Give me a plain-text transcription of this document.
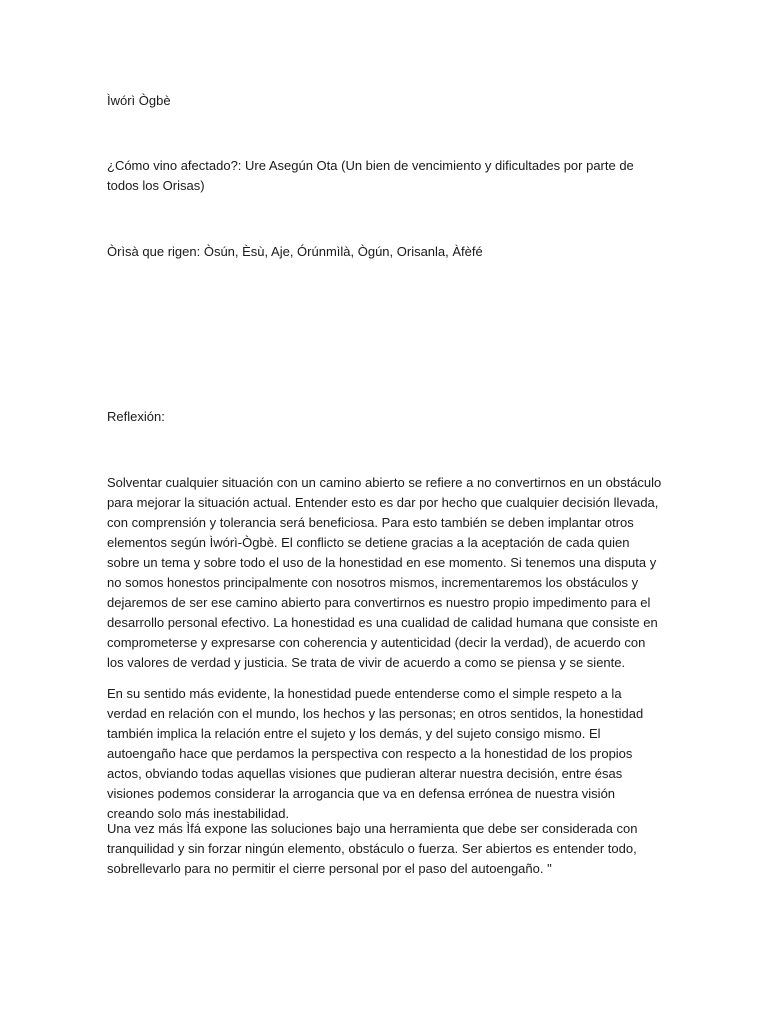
Ìwórì Ògbè

¿Cómo vino afectado?: Ure Asegún Ota (Un bien de vencimiento y dificultades por parte de todos los Orisas)

Òrìsà que rigen: Òsún, Èsù, Aje, Órúnmìlà, Ògún, Orisanla, Àfèfé

Reflexión:

Solventar cualquier situación con un camino abierto se refiere a no convertirnos en un obstáculo para mejorar la situación actual. Entender esto es dar por hecho que cualquier decisión llevada, con comprensión y tolerancia será beneficiosa. Para esto también se deben implantar otros elementos según Ìwórì-Ògbè. El conflicto se detiene gracias a la aceptación de cada quien sobre un tema y sobre todo el uso de la honestidad en ese momento. Si tenemos una disputa y no somos honestos principalmente con nosotros mismos, incrementaremos los obstáculos y dejaremos de ser ese camino abierto para convertirnos es nuestro propio impedimento para el desarrollo personal efectivo. La honestidad es una cualidad de calidad humana que consiste en comprometerse y expresarse con coherencia y autenticidad (decir la verdad), de acuerdo con los valores de verdad y justicia. Se trata de vivir de acuerdo a como se piensa y se siente.

En su sentido más evidente, la honestidad puede entenderse como el simple respeto a la verdad en relación con el mundo, los hechos y las personas; en otros sentidos, la honestidad también implica la relación entre el sujeto y los demás, y del sujeto consigo mismo. El autoengaño hace que perdamos la perspectiva con respecto a la honestidad de los propios actos, obviando todas aquellas visiones que pudieran alterar nuestra decisión, entre ésas visiones podemos considerar la arrogancia que va en defensa errónea de nuestra visión creando solo más inestabilidad.

Una vez más Ìfá expone las soluciones bajo una herramienta que debe ser considerada con tranquilidad y sin forzar ningún elemento, obstáculo o fuerza. Ser abiertos es entender todo, sobrellevarlo para no permitir el cierre personal por el paso del autoengaño. "
